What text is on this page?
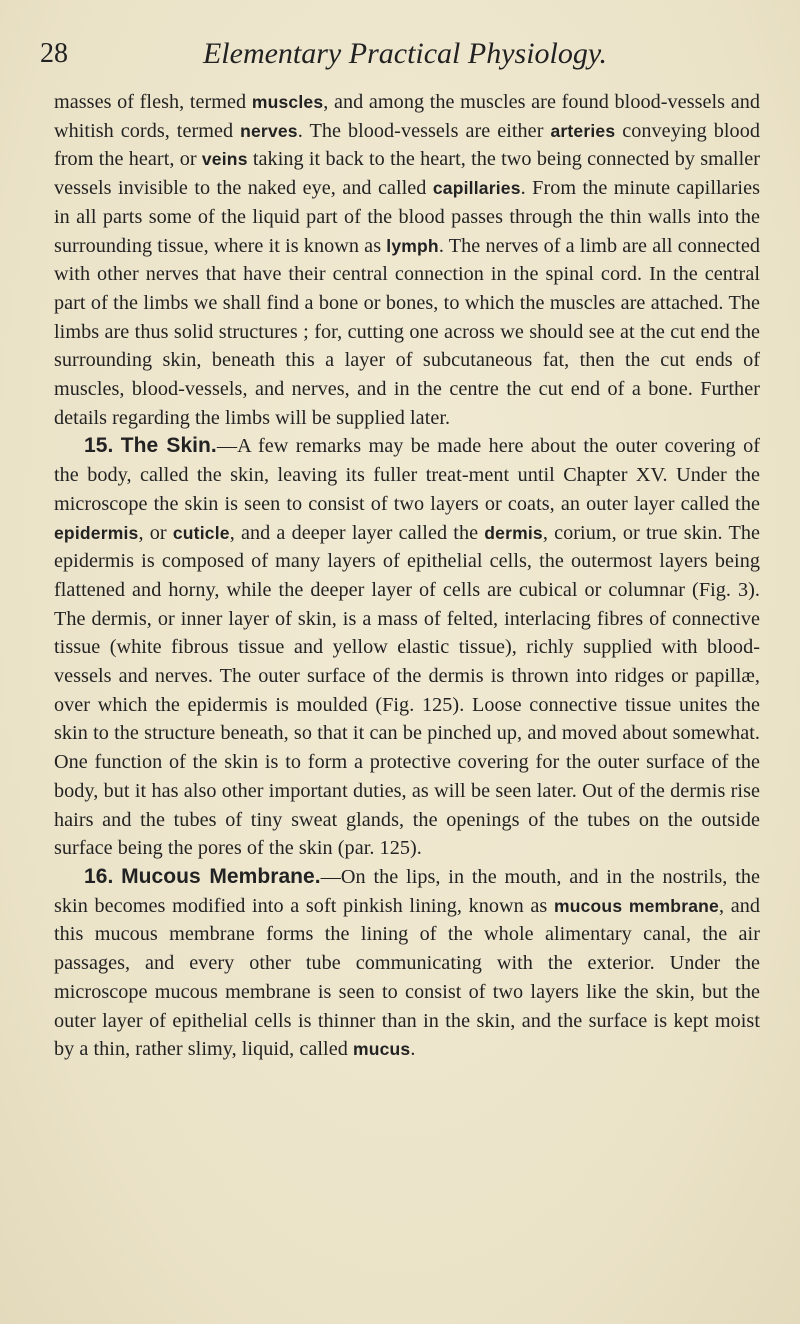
28	Elementary Practical Physiology.

masses of flesh, termed muscles, and among the muscles are found blood-vessels and whitish cords, termed nerves. The blood-vessels are either arteries conveying blood from the heart, or veins taking it back to the heart, the two being connected by smaller vessels invisible to the naked eye, and called capillaries. From the minute capillaries in all parts some of the liquid part of the blood passes through the thin walls into the surrounding tissue, where it is known as lymph. The nerves of a limb are all connected with other nerves that have their central connection in the spinal cord. In the central part of the limbs we shall find a bone or bones, to which the muscles are attached. The limbs are thus solid structures ; for, cutting one across we should see at the cut end the surrounding skin, beneath this a layer of subcutaneous fat, then the cut ends of muscles, blood-vessels, and nerves, and in the centre the cut end of a bone. Further details regarding the limbs will be supplied later.

15. The Skin.—A few remarks may be made here about the outer covering of the body, called the skin, leaving its fuller treat-ment until Chapter XV. Under the microscope the skin is seen to consist of two layers or coats, an outer layer called the epidermis, or cuticle, and a deeper layer called the dermis, corium, or true skin. The epidermis is composed of many layers of epithelial cells, the outermost layers being flattened and horny, while the deeper layer of cells are cubical or columnar (Fig. 3). The dermis, or inner layer of skin, is a mass of felted, interlacing fibres of connective tissue (white fibrous tissue and yellow elastic tissue), richly supplied with blood-vessels and nerves. The outer surface of the dermis is thrown into ridges or papillæ, over which the epidermis is moulded (Fig. 125). Loose connective tissue unites the skin to the structure beneath, so that it can be pinched up, and moved about somewhat. One function of the skin is to form a protective covering for the outer surface of the body, but it has also other important duties, as will be seen later. Out of the dermis rise hairs and the tubes of tiny sweat glands, the openings of the tubes on the outside surface being the pores of the skin (par. 125).

16. Mucous Membrane.—On the lips, in the mouth, and in the nostrils, the skin becomes modified into a soft pinkish lining, known as mucous membrane, and this mucous membrane forms the lining of the whole alimentary canal, the air passages, and every other tube communicating with the exterior. Under the microscope mucous membrane is seen to consist of two layers like the skin, but the outer layer of epithelial cells is thinner than in the skin, and the surface is kept moist by a thin, rather slimy, liquid, called mucus.
